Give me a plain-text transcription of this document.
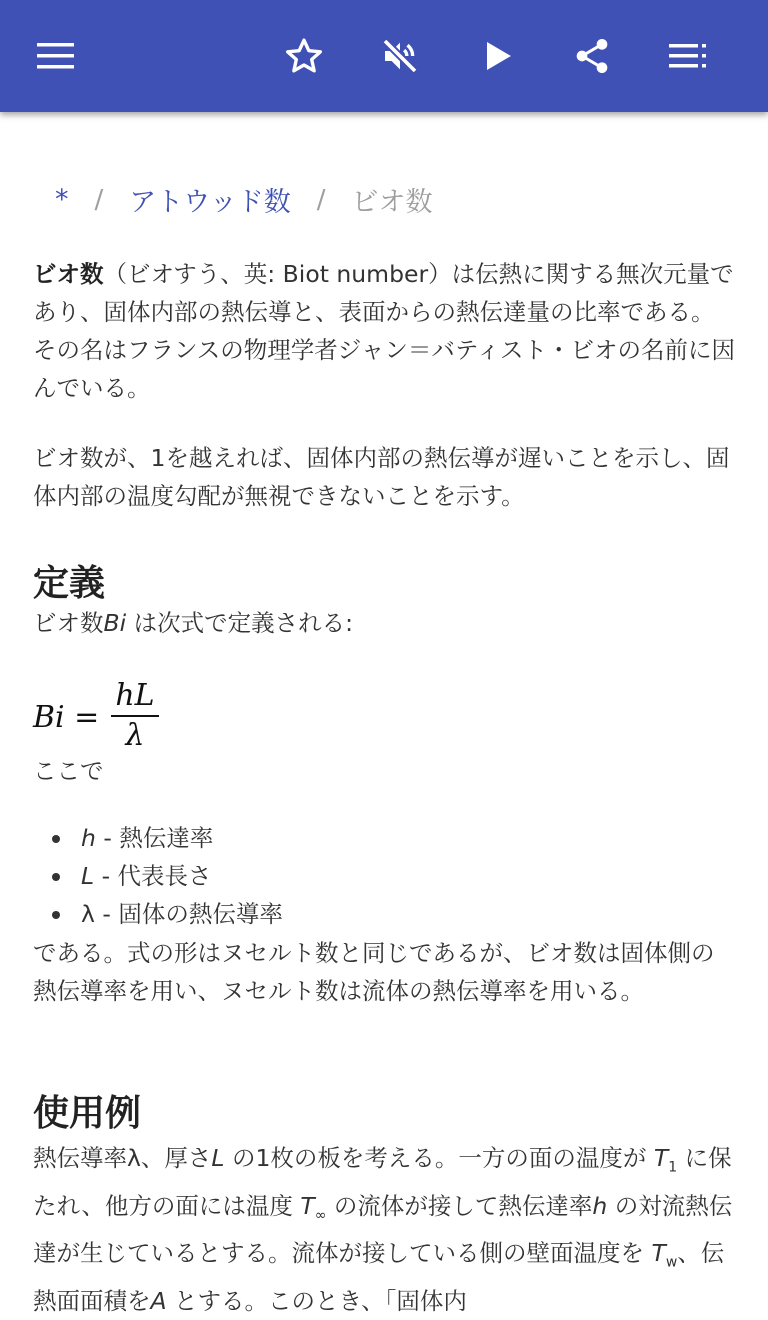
* / アトウッド数 / ビオ数

ビオ数（ビオすう、英: Biot number）は伝熱に関する無次元量であり、固体内部の熱伝導と、表面からの熱伝達量の比率である。その名はフランスの物理学者ジャン＝バティスト・ビオの名前に因んでいる。

ビオ数が、1を越えれば、固体内部の熱伝導が遅いことを示し、固体内部の温度勾配が無視できないことを示す。

定義

ビオ数Bi は次式で定義される:

$Bi = \frac{hL}{\lambda}$

ここで

h - 熱伝達率
L - 代表長さ
λ - 固体の熱伝導率

である。式の形はヌセルト数と同じであるが、ビオ数は固体側の熱伝導率を用い、ヌセルト数は流体の熱伝導率を用いる。

使用例

熱伝導率λ、厚さL の1枚の板を考える。一方の面の温度が $T_1$ に保たれ、他方の面には温度 $T_\infty$ の流体が接して熱伝達率h の対流熱伝達が生じているとする。流体が接している側の壁面温度を $T_w$、伝熱面面積をA とする。このとき、「固体内
